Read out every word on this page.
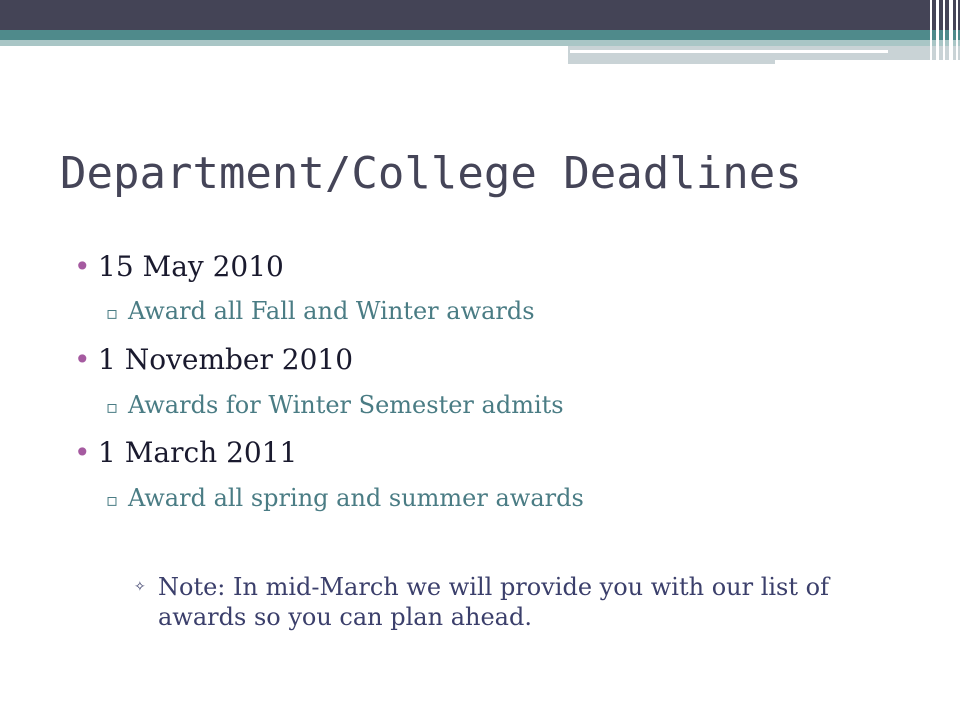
Department/College Deadlines
• 15 May 2010
▫ Award all Fall and Winter awards
• 1 November 2010
▫ Awards for Winter Semester admits
• 1 March 2011
▫ Award all spring and summer awards
✧ Note: In mid-March we will provide you with our list of awards so you can plan ahead.
